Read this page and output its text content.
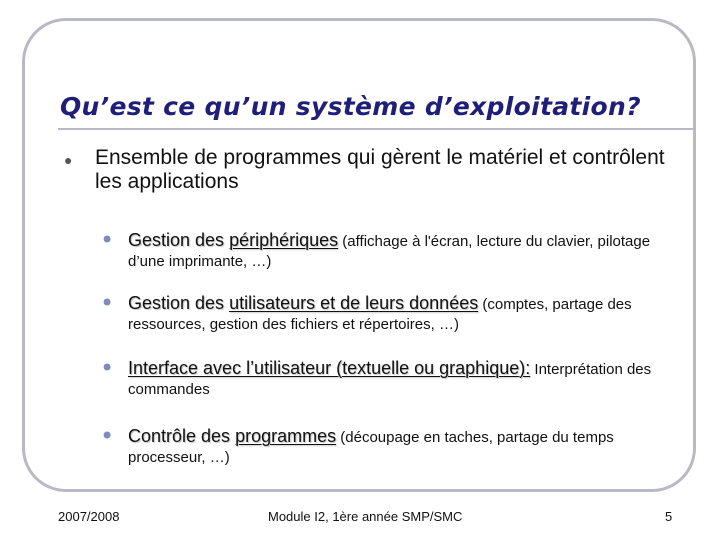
Qu’est ce qu’un système d’exploitation?
● Ensemble de programmes qui gèrent le matériel et contrôlent les applications
• Gestion des périphériques (affichage à l'écran, lecture du clavier, pilotage d’une imprimante, …)
• Gestion des utilisateurs et de leurs données (comptes, partage des ressources, gestion des fichiers et répertoires, …)
• Interface avec l’utilisateur (textuelle ou graphique): Interprétation des commandes
• Contrôle des programmes (découpage en taches, partage du temps processeur, …)
2007/2008	Module I2, 1ère année SMP/SMC	5
